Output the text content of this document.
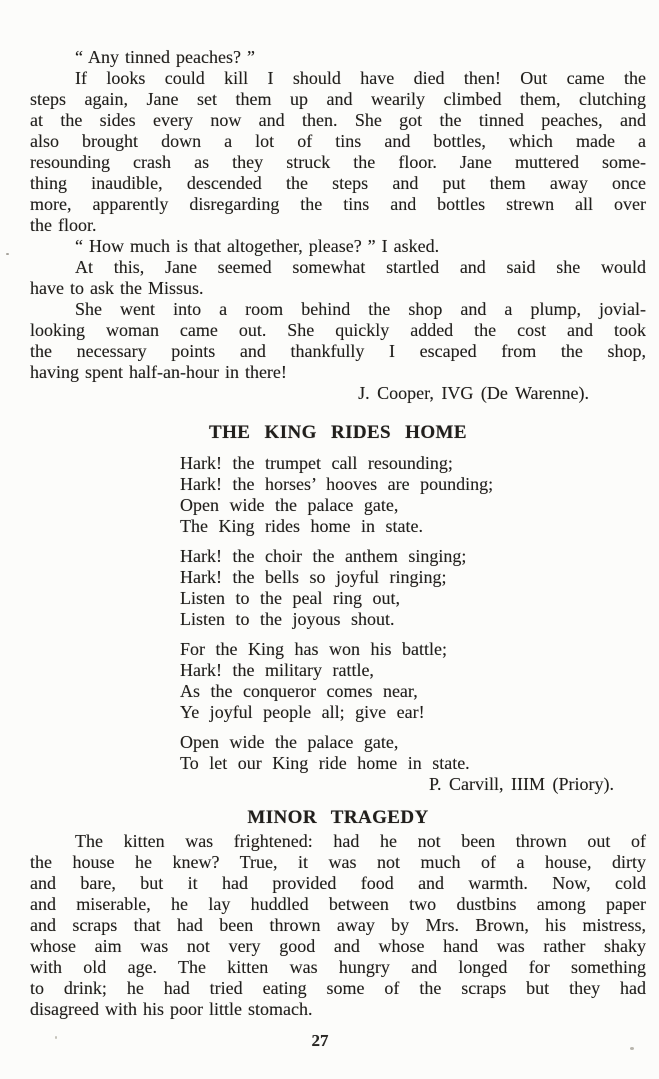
“ Any tinned peaches? ”
If looks could kill I should have died then! Out came the
steps again, Jane set them up and wearily climbed them, clutching
at the sides every now and then. She got the tinned peaches, and
also brought down a lot of tins and bottles, which made a
resounding crash as they struck the floor. Jane muttered some-
thing inaudible, descended the steps and put them away once
more, apparently disregarding the tins and bottles strewn all over
the floor.
“ How much is that altogether, please? ” I asked.
At this, Jane seemed somewhat startled and said she would
have to ask the Missus.
She went into a room behind the shop and a plump, jovial-
looking woman came out. She quickly added the cost and took
the necessary points and thankfully I escaped from the shop,
having spent half-an-hour in there!
J. Cooper, IVG (De Warenne).
THE KING RIDES HOME
Hark! the trumpet call resounding;
Hark! the horses’ hooves are pounding;
Open wide the palace gate,
The King rides home in state.
Hark! the choir the anthem singing;
Hark! the bells so joyful ringing;
Listen to the peal ring out,
Listen to the joyous shout.
For the King has won his battle;
Hark! the military rattle,
As the conqueror comes near,
Ye joyful people all; give ear!
Open wide the palace gate,
To let our King ride home in state.
P. Carvill, IIIM (Priory).
MINOR TRAGEDY
The kitten was frightened: had he not been thrown out of
the house he knew? True, it was not much of a house, dirty
and bare, but it had provided food and warmth. Now, cold
and miserable, he lay huddled between two dustbins among paper
and scraps that had been thrown away by Mrs. Brown, his mistress,
whose aim was not very good and whose hand was rather shaky
with old age. The kitten was hungry and longed for something
to drink; he had tried eating some of the scraps but they had
disagreed with his poor little stomach.
27
